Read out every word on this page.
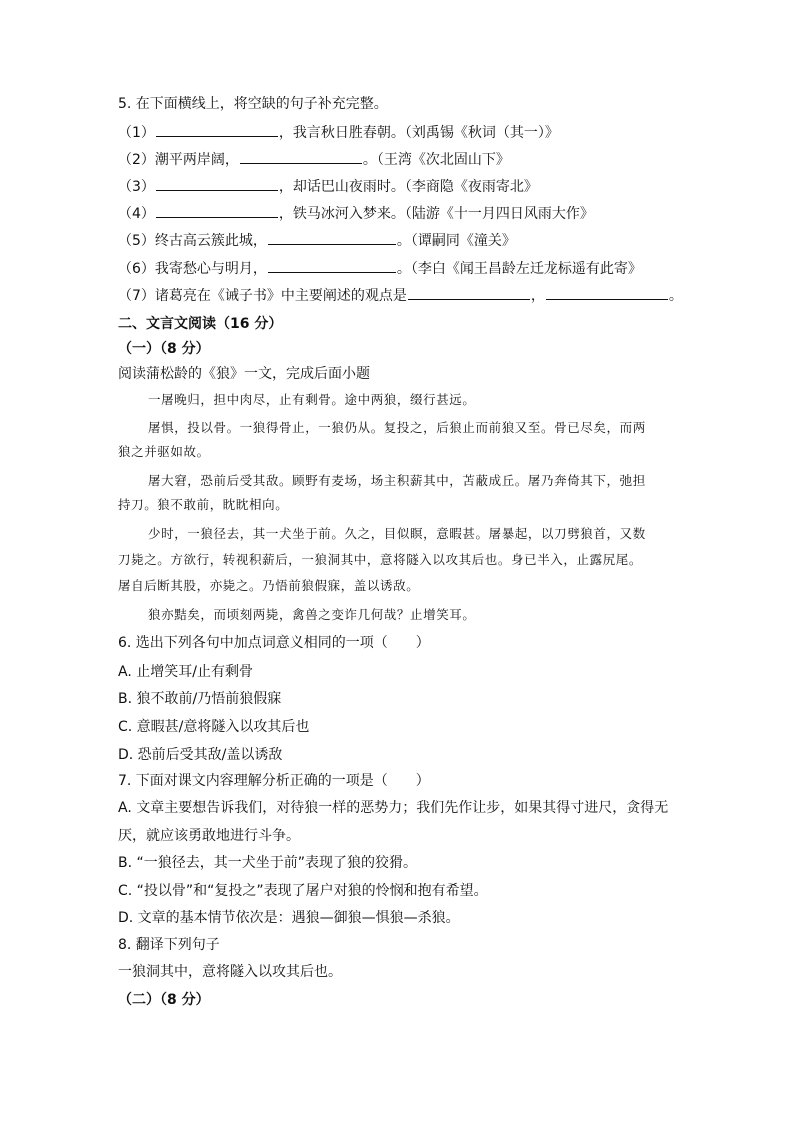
5. 在下面横线上，将空缺的句子补充完整。
（1）	，我言秋日胜春朝。（刘禹锡《秋词（其一）》
（2）潮平两岸阔，	。（王湾《次北固山下》
（3）	，却话巴山夜雨时。（李商隐《夜雨寄北》
（4）	，铁马冰河入梦来。（陆游《十一月四日风雨大作》
（5）终古高云簇此城，	。（谭嗣同《潼关》
（6）我寄愁心与明月，	。（李白《闻王昌龄左迁龙标遥有此寄》
（7）诸葛亮在《诫子书》中主要阐述的观点是	，	。
二、文言文阅读（16 分）
（一）（8 分）
阅读蒲松龄的《狼》一文，完成后面小题
一屠晚归，担中肉尽，止有剩骨。途中两狼，缀行甚远。
屠惧，投以骨。一狼得骨止，一狼仍从。复投之，后狼止而前狼又至。骨已尽矣，而两
狼之并驱如故。
屠大窘，恐前后受其敌。顾野有麦场，场主积薪其中，苫蔽成丘。屠乃奔倚其下，弛担
持刀。狼不敢前，眈眈相向。
少时，一狼径去，其一犬坐于前。久之，目似瞑，意暇甚。屠暴起，以刀劈狼首，又数
刀毙之。方欲行，转视积薪后，一狼洞其中，意将隧入以攻其后也。身已半入，止露尻尾。
屠自后断其股，亦毙之。乃悟前狼假寐，盖以诱敌。
狼亦黠矣，而顷刻两毙，禽兽之变诈几何哉？止增笑耳。
6. 选出下列各句中加点词意义相同的一项（　　）
A. 止增笑耳/止有剩骨
B. 狼不敢前/乃悟前狼假寐
C. 意暇甚/意将隧入以攻其后也
D. 恐前后受其敌/盖以诱敌
7. 下面对课文内容理解分析正确的一项是（　　）
A. 文章主要想告诉我们，对待狼一样的恶势力；我们先作让步，如果其得寸进尺，贪得无
厌，就应该勇敢地进行斗争。
B. “一狼径去，其一犬坐于前”表现了狼的狡猾。
C. “投以骨”和“复投之”表现了屠户对狼的怜悯和抱有希望。
D. 文章的基本情节依次是：遇狼—御狼—惧狼—杀狼。
8. 翻译下列句子
一狼洞其中，意将隧入以攻其后也。
（二）（8 分）
